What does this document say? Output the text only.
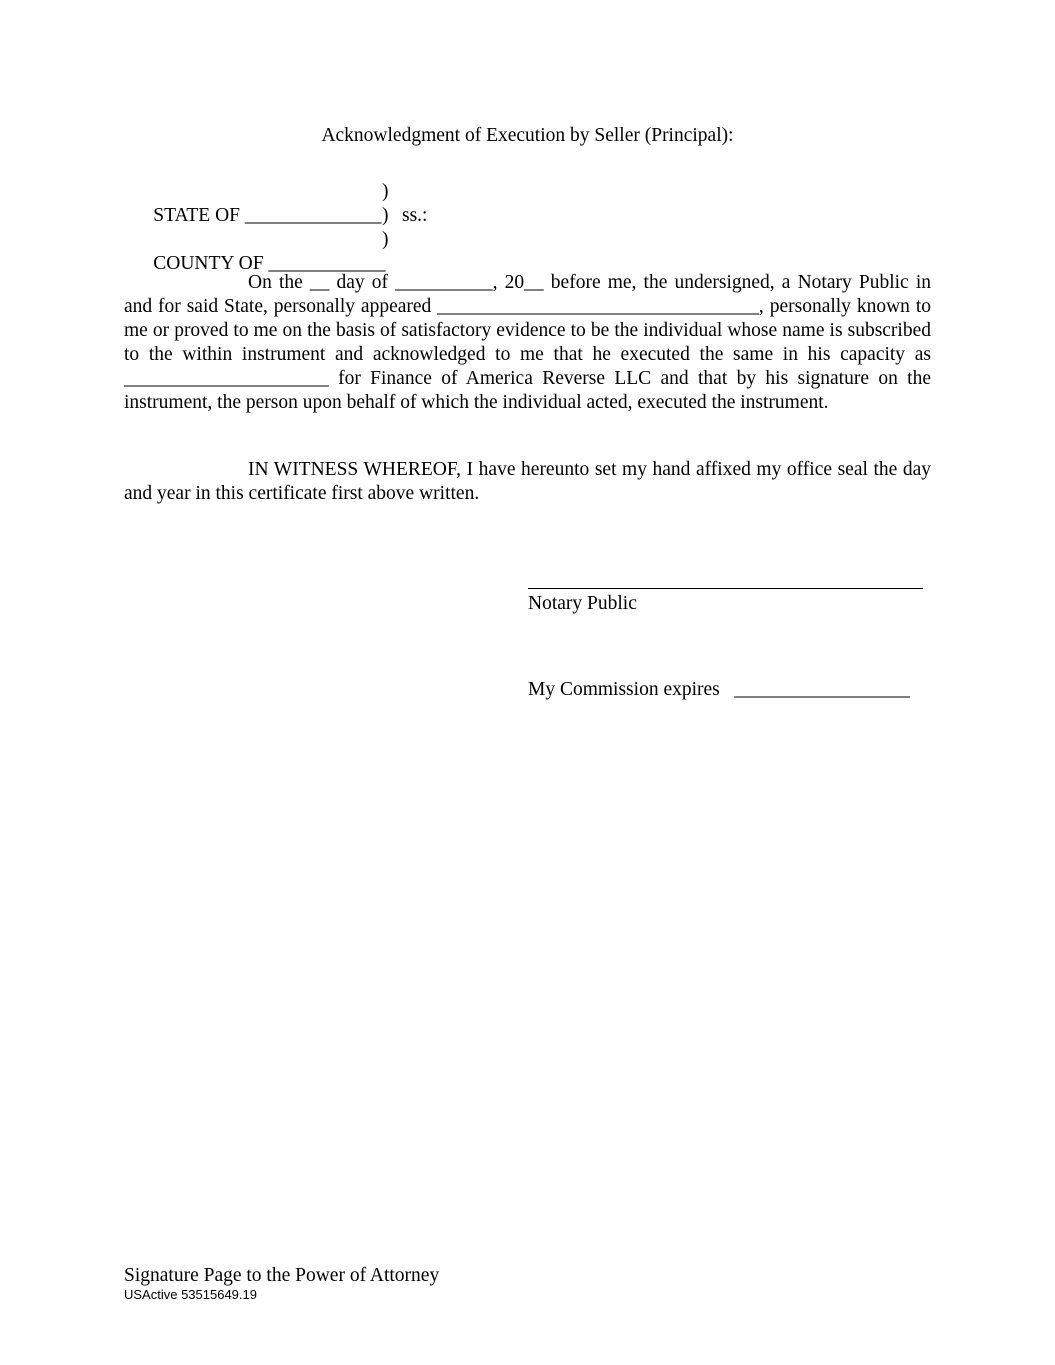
Acknowledgment of Execution by Seller (Principal):

STATE OF ______________

)

)

ss.:

COUNTY OF ____________

)

On the __ day of __________, 20__ before me, the undersigned, a Notary Public in and for said State, personally appeared _________________________________, personally known to me or proved to me on the basis of satisfactory evidence to be the individual whose name is subscribed to the within instrument and acknowledged to me that he executed the same in his capacity as _____________________ for Finance of America Reverse LLC and that by his signature on the instrument, the person upon behalf of which the individual acted, executed the instrument.

IN WITNESS WHEREOF, I have hereunto set my hand affixed my office seal the day and year in this certificate first above written.

Notary Public
My Commission expires   __________________
Signature Page to the Power of Attorney
USActive 53515649.19
